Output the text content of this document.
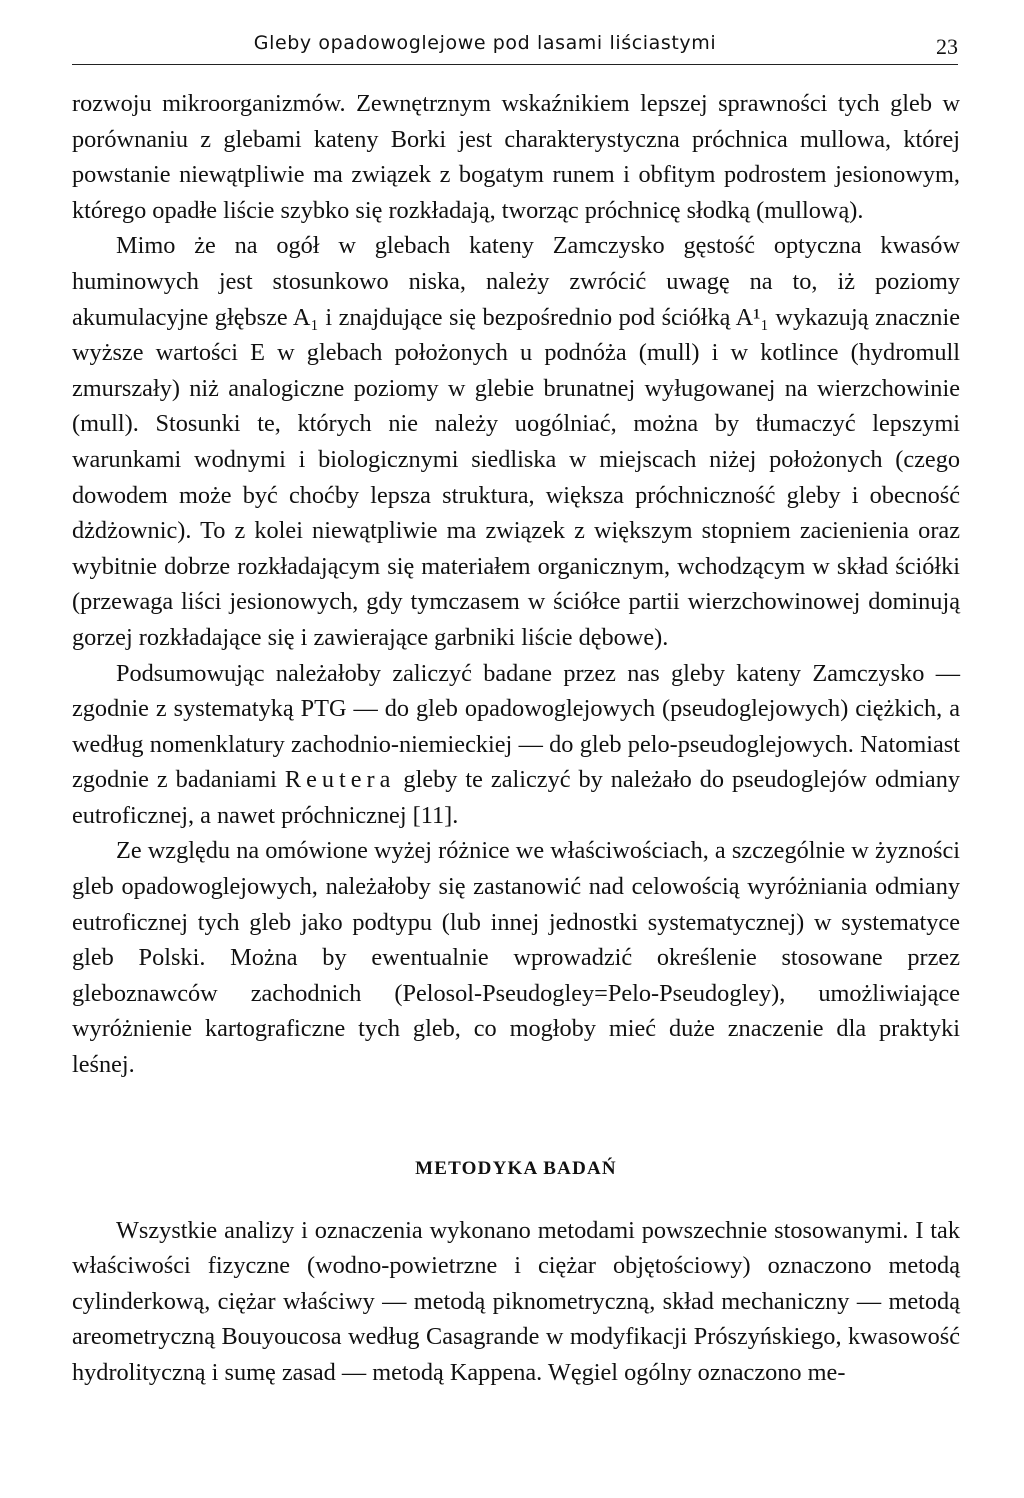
Gleby opadowoglejowe pod lasami liściastymi	23

rozwoju mikroorganizmów. Zewnętrznym wskaźnikiem lepszej sprawności tych gleb w porównaniu z glebami kateny Borki jest charakterystyczna próchnica mullowa, której powstanie niewątpliwie ma związek z bogatym runem i obfitym podrostem jesionowym, którego opadłe liście szybko się rozkładają, tworząc próchnicę słodką (mullową).

Mimo że na ogół w glebach kateny Zamczysko gęstość optyczna kwasów huminowych jest stosunkowo niska, należy zwrócić uwagę na to, iż poziomy akumulacyjne głębsze A₁ i znajdujące się bezpośrednio pod ściółką A¹₁ wykazują znacznie wyższe wartości E w glebach położonych u podnóża (mull) i w kotlince (hydromull zmurszały) niż analogiczne poziomy w glebie brunatnej wyługowanej na wierzchowinie (mull). Stosunki te, których nie należy uogólniać, można by tłumaczyć lepszymi warunkami wodnymi i biologicznymi siedliska w miejscach niżej położonych (czego dowodem może być choćby lepsza struktura, większa próchniczność gleby i obecność dżdżownic). To z kolei niewątpliwie ma związek z większym stopniem zacienienia oraz wybitnie dobrze rozkładającym się materiałem organicznym, wchodzącym w skład ściółki (przewaga liści jesionowych, gdy tymczasem w ściółce partii wierzchowinowej dominują gorzej rozkładające się i zawierające garbniki liście dębowe).

Podsumowując należałoby zaliczyć badane przez nas gleby kateny Zamczysko — zgodnie z systematyką PTG — do gleb opadowoglejowych (pseudoglejowych) ciężkich, a według nomenklatury zachodnio-niemieckiej — do gleb pelo-pseudoglejowych. Natomiast zgodnie z badaniami Reutera gleby te zaliczyć by należało do pseudoglejów odmiany eutroficznej, a nawet próchnicznej [11].

Ze względu na omówione wyżej różnice we właściwościach, a szczególnie w żyzności gleb opadowoglejowych, należałoby się zastanowić nad celowością wyróżniania odmiany eutroficznej tych gleb jako podtypu (lub innej jednostki systematycznej) w systematyce gleb Polski. Można by ewentualnie wprowadzić określenie stosowane przez gleboznawców zachodnich (Pelosol-Pseudogley=Pelo-Pseudogley), umożliwiające wyróżnienie kartograficzne tych gleb, co mogłoby mieć duże znaczenie dla praktyki leśnej.

METODYKA BADAŃ

Wszystkie analizy i oznaczenia wykonano metodami powszechnie stosowanymi. I tak właściwości fizyczne (wodno-powietrzne i ciężar objętościowy) oznaczono metodą cylinderkową, ciężar właściwy — metodą piknometryczną, skład mechaniczny — metodą areometryczną Bouyoucosa według Casagrande w modyfikacji Prószyńskiego, kwasowość hydrolityczną i sumę zasad — metodą Kappena. Węgiel ogólny oznaczono me-
